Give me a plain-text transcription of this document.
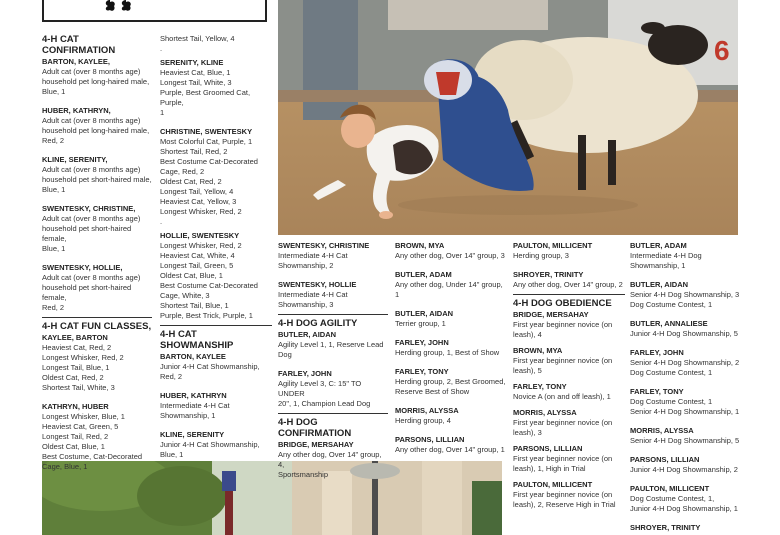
6
4-H CAT CONFIRMATION
BARTON, KAYLEE,
Adult cat (over 8 months age)
household pet long-haired male,
Blue, 1
HUBER, KATHRYN,
Adult cat (over 8 months age)
household pet long-haired male,
Red, 2
KLINE, SERENITY,
Adult cat (over 8 months age)
household pet short-haired male,
Blue, 1
SWENTESKY, CHRISTINE,
Adult cat (over 8 months age)
household pet short-haired female,
Blue, 1
SWENTESKY, HOLLIE,
Adult cat (over 8 months age)
household pet short-haired female,
Red, 2
4-H CAT FUN CLASSES,
KAYLEE, BARTON
Heaviest Cat, Red, 2
Longest Whisker, Red, 2
Longest Tail, Blue, 1
Oldest Cat, Red, 2
Shortest Tail, White, 3
KATHRYN, HUBER
Longest Whisker, Blue, 1
Heaviest Cat, Green, 5
Longest Tail, Red, 2
Oldest Cat, Blue, 1
Best Costume, Cat-Decorated
Cage, Blue, 1
Shortest Tail, Yellow, 4
.
SERENITY, KLINE
Heaviest Cat, Blue, 1
Longest Tail, White, 3
Purple, Best Groomed Cat, Purple,
1
CHRISTINE, SWENTESKY
Most Colorful Cat, Purple, 1
Shortest Tail, Red, 2
Best Costume Cat-Decorated
Cage, Red, 2
Oldest Cat, Red, 2
Longest Tail, Yellow, 4
Heaviest Cat, Yellow, 3
Longest Whisker, Red, 2
.
HOLLIE, SWENTESKY
Longest Whisker, Red, 2
Heaviest Cat, White, 4
Longest Tail, Green, 5
Oldest Cat, Blue, 1
Best Costume Cat-Decorated
Cage, White, 3
Shortest Tail, Blue, 1
Purple, Best Trick, Purple, 1
4-H CAT SHOWMANSHIP
BARTON, KAYLEE
Junior 4-H Cat Showmanship,
Red, 2
HUBER, KATHRYN
Intermediate 4-H Cat
Showmanship, 1
KLINE, SERENITY
Junior 4-H Cat Showmanship,
Blue, 1
SWENTESKY, CHRISTINE
Intermediate 4-H Cat
Showmanship, 2
SWENTESKY, HOLLIE
Intermediate 4-H Cat
Showmanship, 3
4-H DOG AGILITY
BUTLER, AIDAN
Agility Level 1, 1, Reserve Lead
Dog
FARLEY, JOHN
Agility Level 3, C: 15" TO UNDER
20", 1, Champion Lead Dog
4-H DOG CONFIRMATION
BRIDGE, MERSAHAY
Any other dog, Over 14" group, 4,
Sportsmanship
BROWN, MYA
Any other dog, Over 14" group, 3
BUTLER, ADAM
Any other dog, Under 14" group, 1
BUTLER, AIDAN
Terrier group, 1
FARLEY, JOHN
Herding group, 1, Best of Show
FARLEY, TONY
Herding group, 2, Best Groomed,
Reserve Best of Show
MORRIS, ALYSSA
Herding group, 4
PARSONS, LILLIAN
Any other dog, Over 14" group, 1
PAULTON, MILLICENT
Herding group, 3
SHROYER, TRINITY
Any other dog, Over 14" group, 2
4-H DOG OBEDIENCE
BRIDGE, MERSAHAY
First year beginner novice (on
leash), 4
BROWN, MYA
First year beginner novice (on
leash), 5
FARLEY, TONY
Novice A (on and off leash), 1
MORRIS, ALYSSA
First year beginner novice (on
leash), 3
PARSONS, LILLIAN
First year beginner novice (on
leash), 1, High in Trial
PAULTON, MILLICENT
First year beginner novice (on
leash), 2, Reserve High in Trial
BUTLER, ADAM
Intermediate 4-H Dog
Showmanship, 1
BUTLER, AIDAN
Senior 4-H Dog Showmanship, 3
Dog Costume Contest, 1
BUTLER, ANNALIESE
Junior 4-H Dog Showmanship, 5
FARLEY, JOHN
Senior 4-H Dog Showmanship, 2
Dog Costume Contest, 1
FARLEY, TONY
Dog Costume Contest, 1
Senior 4-H Dog Showmanship, 1
MORRIS, ALYSSA
Senior 4-H Dog Showmanship, 5
PARSONS, LILLIAN
Junior 4-H Dog Showmanship, 2
PAULTON, MILLICENT
Dog Costume Contest, 1,
Junior 4-H Dog Showmanship, 1
SHROYER, TRINITY
